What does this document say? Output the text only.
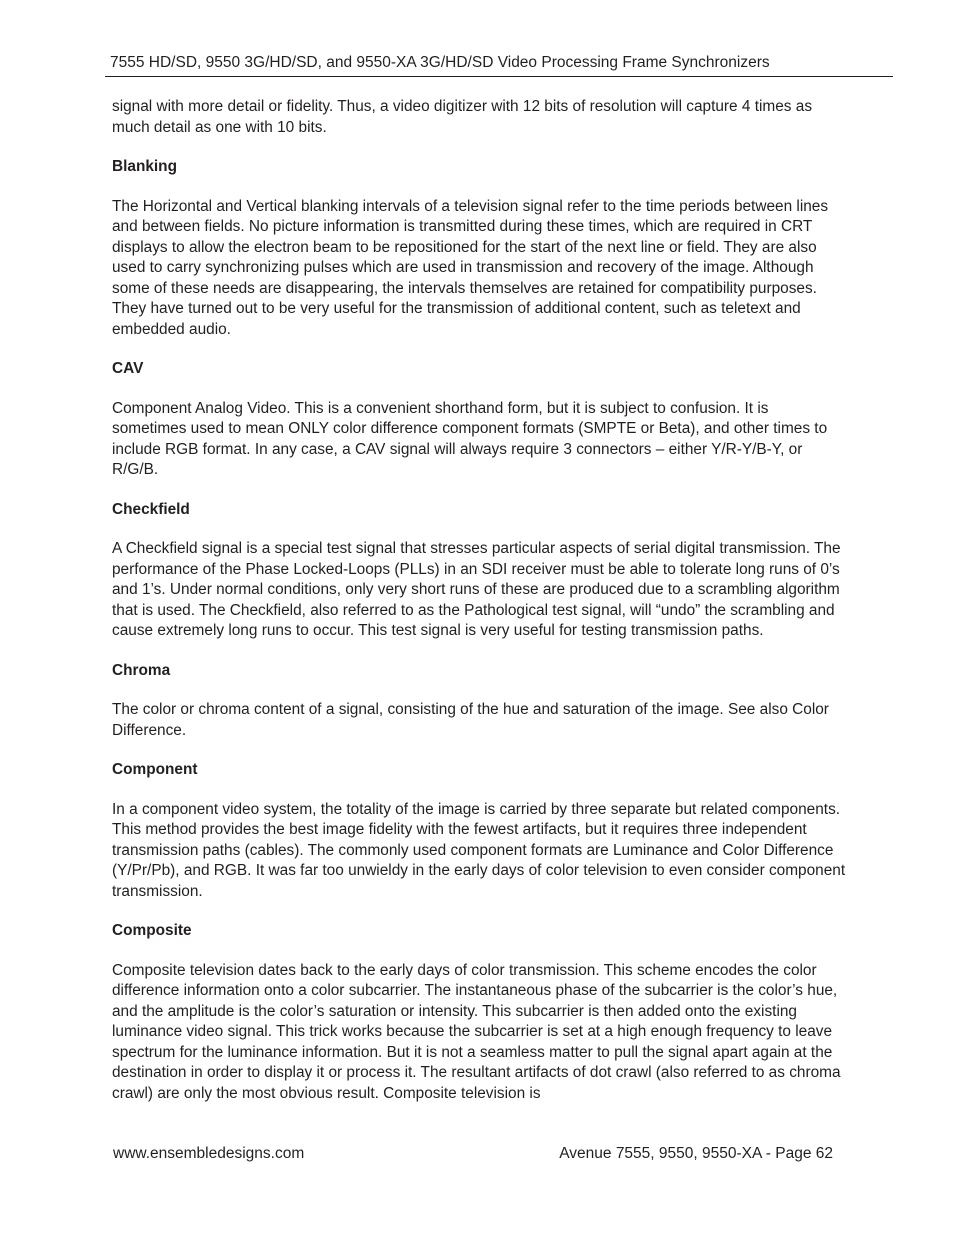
7555 HD/SD, 9550 3G/HD/SD, and 9550-XA 3G/HD/SD Video Processing Frame Synchronizers

signal with more detail or fidelity. Thus, a video digitizer with 12 bits of resolution will capture 4 times as much detail as one with 10 bits.

Blanking

The Horizontal and Vertical blanking intervals of a television signal refer to the time periods between lines and between fields. No picture information is transmitted during these times, which are required in CRT displays to allow the electron beam to be repositioned for the start of the next line or field. They are also used to carry synchronizing pulses which are used in transmission and recovery of the image. Although some of these needs are disappearing, the intervals themselves are retained for compatibility purposes. They have turned out to be very useful for the transmission of additional content, such as teletext and embedded audio.

CAV

Component Analog Video. This is a convenient shorthand form, but it is subject to confusion. It is sometimes used to mean ONLY color difference component formats (SMPTE or Beta), and other times to include RGB format. In any case, a CAV signal will always require 3 connectors – either Y/R-Y/B-Y, or R/G/B.

Checkfield

A Checkfield signal is a special test signal that stresses particular aspects of serial digital transmission. The performance of the Phase Locked-Loops (PLLs) in an SDI receiver must be able to tolerate long runs of 0’s and 1’s. Under normal conditions, only very short runs of these are produced due to a scrambling algorithm that is used. The Checkfield, also referred to as the Pathological test signal, will “undo” the scrambling and cause extremely long runs to occur. This test signal is very useful for testing transmission paths.

Chroma

The color or chroma content of a signal, consisting of the hue and saturation of the image. See also Color Difference.

Component

In a component video system, the totality of the image is carried by three separate but related components. This method provides the best image fidelity with the fewest artifacts, but it requires three independent transmission paths (cables). The commonly used component formats are Luminance and Color Difference (Y/Pr/Pb), and RGB. It was far too unwieldy in the early days of color television to even consider component transmission.

Composite

Composite television dates back to the early days of color transmission. This scheme encodes the color difference information onto a color subcarrier. The instantaneous phase of the subcarrier is the color’s hue, and the amplitude is the color’s saturation or intensity. This subcarrier is then added onto the existing luminance video signal. This trick works because the subcarrier is set at a high enough frequency to leave spectrum for the luminance information. But it is not a seamless matter to pull the signal apart again at the destination in order to display it or process it. The resultant artifacts of dot crawl (also referred to as chroma crawl) are only the most obvious result. Composite television is

www.ensembledesigns.com	Avenue 7555, 9550, 9550-XA - Page 62
